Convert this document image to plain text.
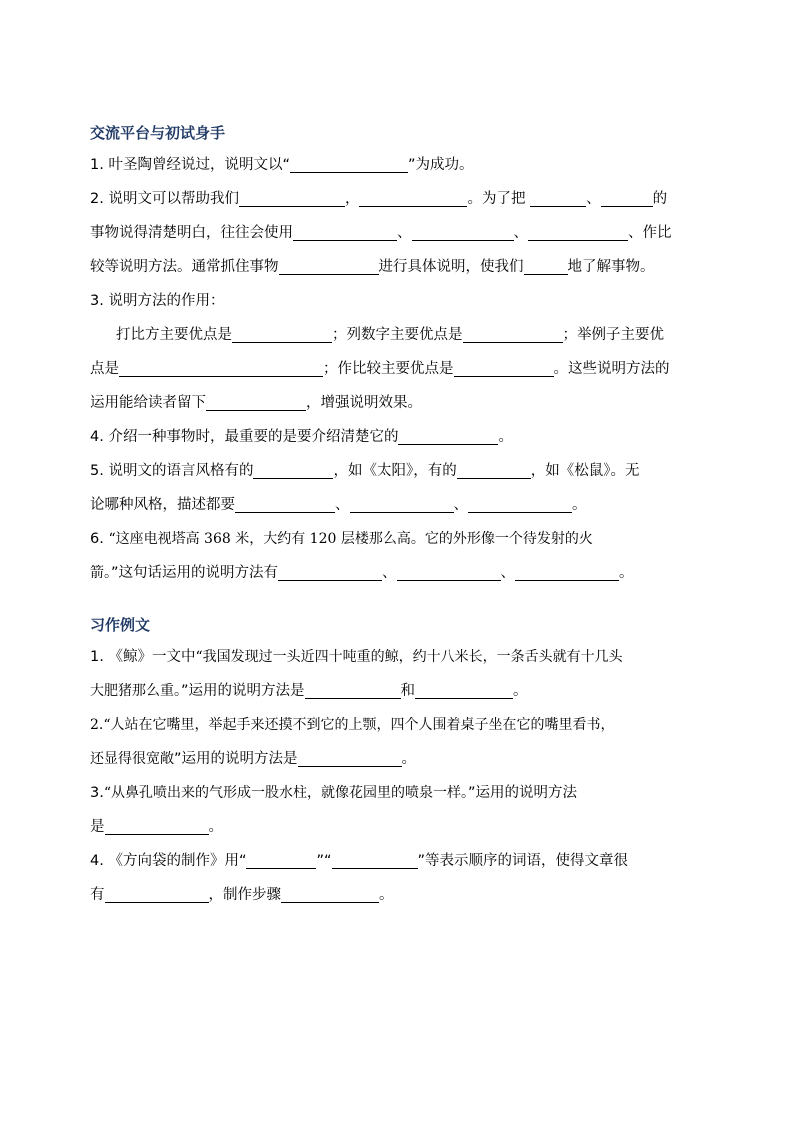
交流平台与初试身手
1. 叶圣陶曾经说过，说明文以“	”为成功。
2. 说明文可以帮助我们	，	。为了把	、	的
事物说得清楚明白，往往会使用	、	、	、作比
较等说明方法。通常抓住事物	进行具体说明，使我们	地了解事物。
3. 说明方法的作用：
打比方主要优点是	；列数字主要优点是	；举例子主要优
点是	；作比较主要优点是	。这些说明方法的
运用能给读者留下	，增强说明效果。
4. 介绍一种事物时，最重要的是要介绍清楚它的	。
5. 说明文的语言风格有的	，如《太阳》，有的	，如《松鼠》。无
论哪种风格，描述都要	、	、	。
6. “这座电视塔高 368 米，大约有 120 层楼那么高。它的外形像一个待发射的火
箭。”这句话运用的说明方法有	、	、	。
习作例文
1. 《鲸》一文中“我国发现过一头近四十吨重的鲸，约十八米长，一条舌头就有十几头
大肥猪那么重。”运用的说明方法是	和	。
2.“人站在它嘴里，举起手来还摸不到它的上颚，四个人围着桌子坐在它的嘴里看书，
还显得很宽敞”运用的说明方法是	。
3.“从鼻孔喷出来的气形成一股水柱，就像花园里的喷泉一样。”运用的说明方法
是	。
4. 《方向袋的制作》用“	”“	”等表示顺序的词语，使得文章很
有	，制作步骤	。
